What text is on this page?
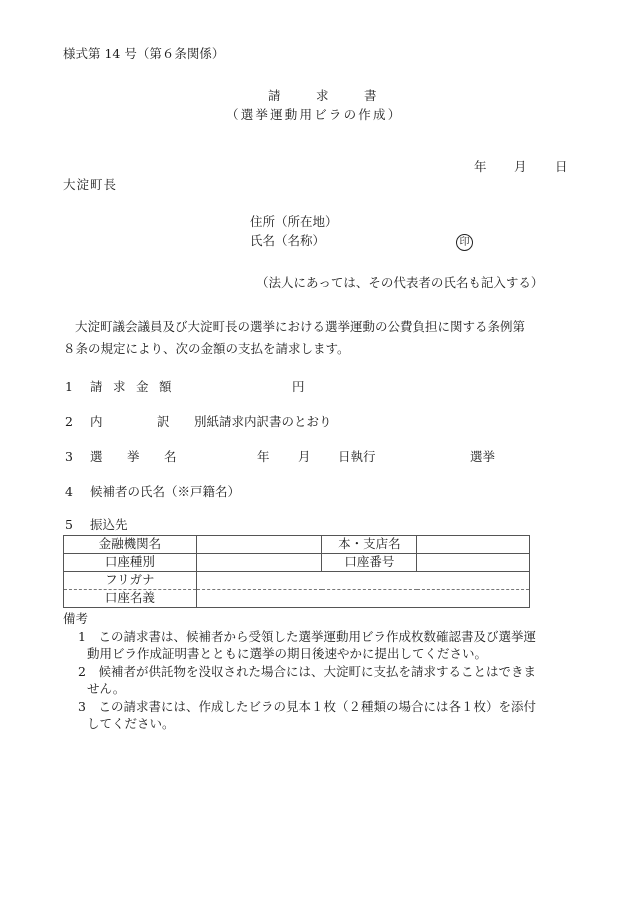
様式第 14 号（第６条関係）
請	求	書
（選挙運動用ビラの作成）
年 月 日
大淀町長
住所（所在地）
氏名（名称）	印
（法人にあっては、その代表者の氏名も記入する）
大淀町議会議員及び大淀町長の選挙における選挙運動の公費負担に関する条例第
８条の規定により、次の金額の支払を請求します。
1 請 求 金 額	円
2 内	訳 別紙請求内訳書のとおり
3 選 挙 名	年 月 日執行	選挙
4 候補者の氏名（※戸籍名）
5 振込先
金融機関名		本・支店名	
口座種別		口座番号	
フリガナ			
口座名義			
備考
1　この請求書は、候補者から受領した選挙運動用ビラ作成枚数確認書及び選挙運
動用ビラ作成証明書とともに選挙の期日後速やかに提出してください。
2　候補者が供託物を没収された場合には、大淀町に支払を請求することはできま
せん。
3　この請求書には、作成したビラの見本１枚（２種類の場合には各１枚）を添付
してください。
